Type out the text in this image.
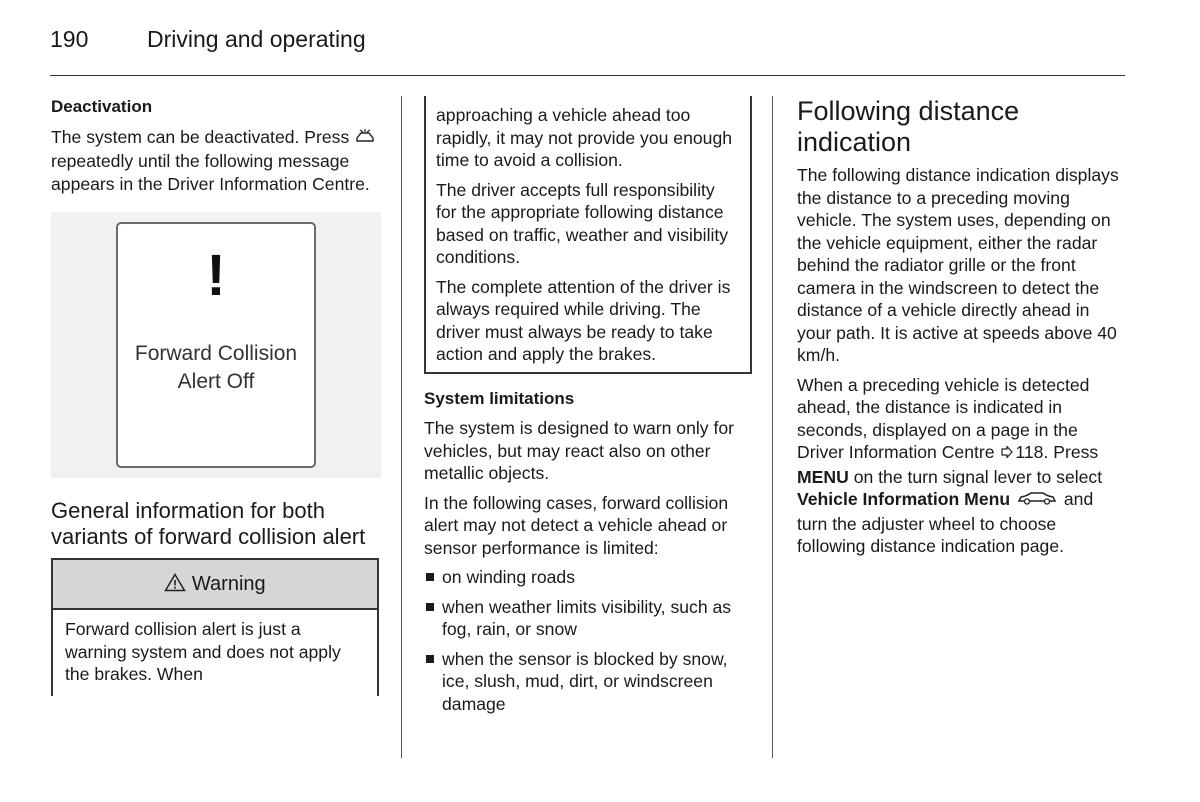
190	Driving and operating

Deactivation

The system can be deactivated. Press  repeatedly until the following message appears in the Driver Information Centre.

!
Forward Collision Alert Off
General information for both variants of forward collision alert
Warning
Forward collision alert is just a warning system and does not apply the brakes. When

approaching a vehicle ahead too rapidly, it may not provide you enough time to avoid a collision.

The driver accepts full responsibility for the appropriate following distance based on traffic, weather and visibility conditions.

The complete attention of the driver is always required while driving. The driver must always be ready to take action and apply the brakes.

System limitations

The system is designed to warn only for vehicles, but may react also on other metallic objects.

In the following cases, forward collision alert may not detect a vehicle ahead or sensor performance is limited:

on winding roads
when weather limits visibility, such as fog, rain, or snow
when the sensor is blocked by snow, ice, slush, mud, dirt, or windscreen damage
Following distance indication

The following distance indication displays the distance to a preceding moving vehicle. The system uses, depending on the vehicle equipment, either the radar behind the radiator grille or the front camera in the windscreen to detect the distance of a vehicle directly ahead in your path. It is active at speeds above 40 km/h.

When a preceding vehicle is detected ahead, the distance is indicated in seconds, displayed on a page in the Driver Information Centre 118. Press MENU on the turn signal lever to select Vehicle Information Menu	and turn the adjuster wheel to choose following distance indication page.
